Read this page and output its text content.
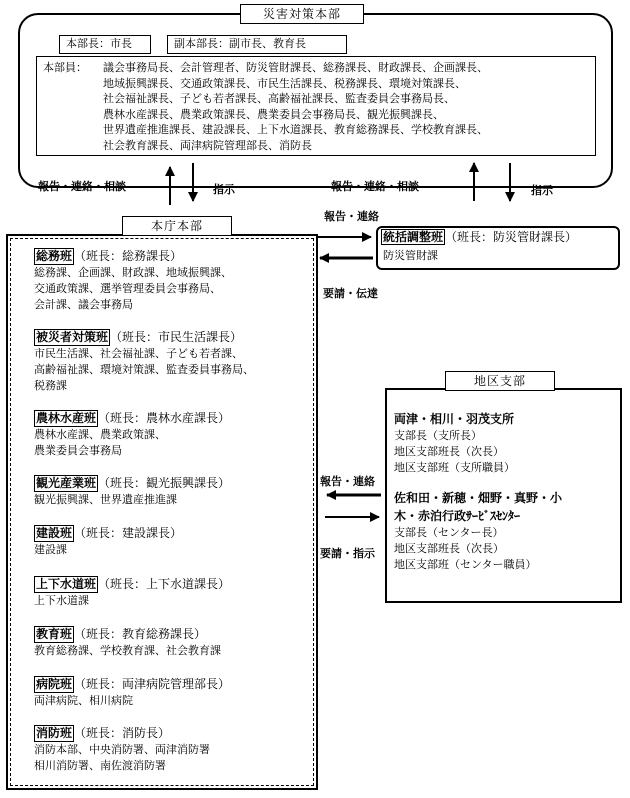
災害対策本部
本部長：市長	副本部長：副市長、教育長
本部員：	議会事務局長、会計管理者、防災管財課長、総務課長、財政課長、企画課長、
地域振興課長、交通政策課長、市民生活課長、税務課長、環境対策課長、
社会福祉課長、子ども若者課長、高齢福祉課長、監査委員会事務局長、
農林水産課長、農業政策課長、農業委員会事務局長、観光振興課長、
世界遺産推進課長、建設課長、上下水道課長、教育総務課長、学校教育課長、
社会教育課長、両津病院管理部長、消防長
報告・連絡・相談	指示	報告・連絡・相談	指示
報告・連絡
要請・伝達
報告・連絡
要請・指示
統括調整班 （班長：防災管財課長）
防災管財課
本庁本部
総務班 （班長：総務課長）
総務課、企画課、財政課、地域振興課、
交通政策課、選挙管理委員会事務局、
会計課、議会事務局
被災者対策班 （班長：市民生活課長）
市民生活課、社会福祉課、子ども若者課、
高齢福祉課、環境対策課、監査委員事務局、
税務課
農林水産班 （班長：農林水産課長）
農林水産課、農業政策課、
農業委員会事務局
観光産業班 （班長：観光振興課長）
観光振興課、世界遺産推進課
建設班 （班長：建設課長）
建設課
上下水道班 （班長：上下水道課長）
上下水道課
教育班 （班長：教育総務課長）
教育総務課、学校教育課、社会教育課
病院班 （班長：両津病院管理部長）
両津病院、相川病院
消防班 （班長：消防長）
消防本部、中央消防署、両津消防署
相川消防署、南佐渡消防署
地区支部
両津・相川・羽茂支所
支部長（支所長）
地区支部班長（次長）
地区支部班（支所職員）
佐和田・新穂・畑野・真野・小
木・赤泊行政ｻｰﾋﾞｽｾﾝﾀｰ
支部長（センター長）
地区支部班長（次長）
地区支部班（センター職員）
